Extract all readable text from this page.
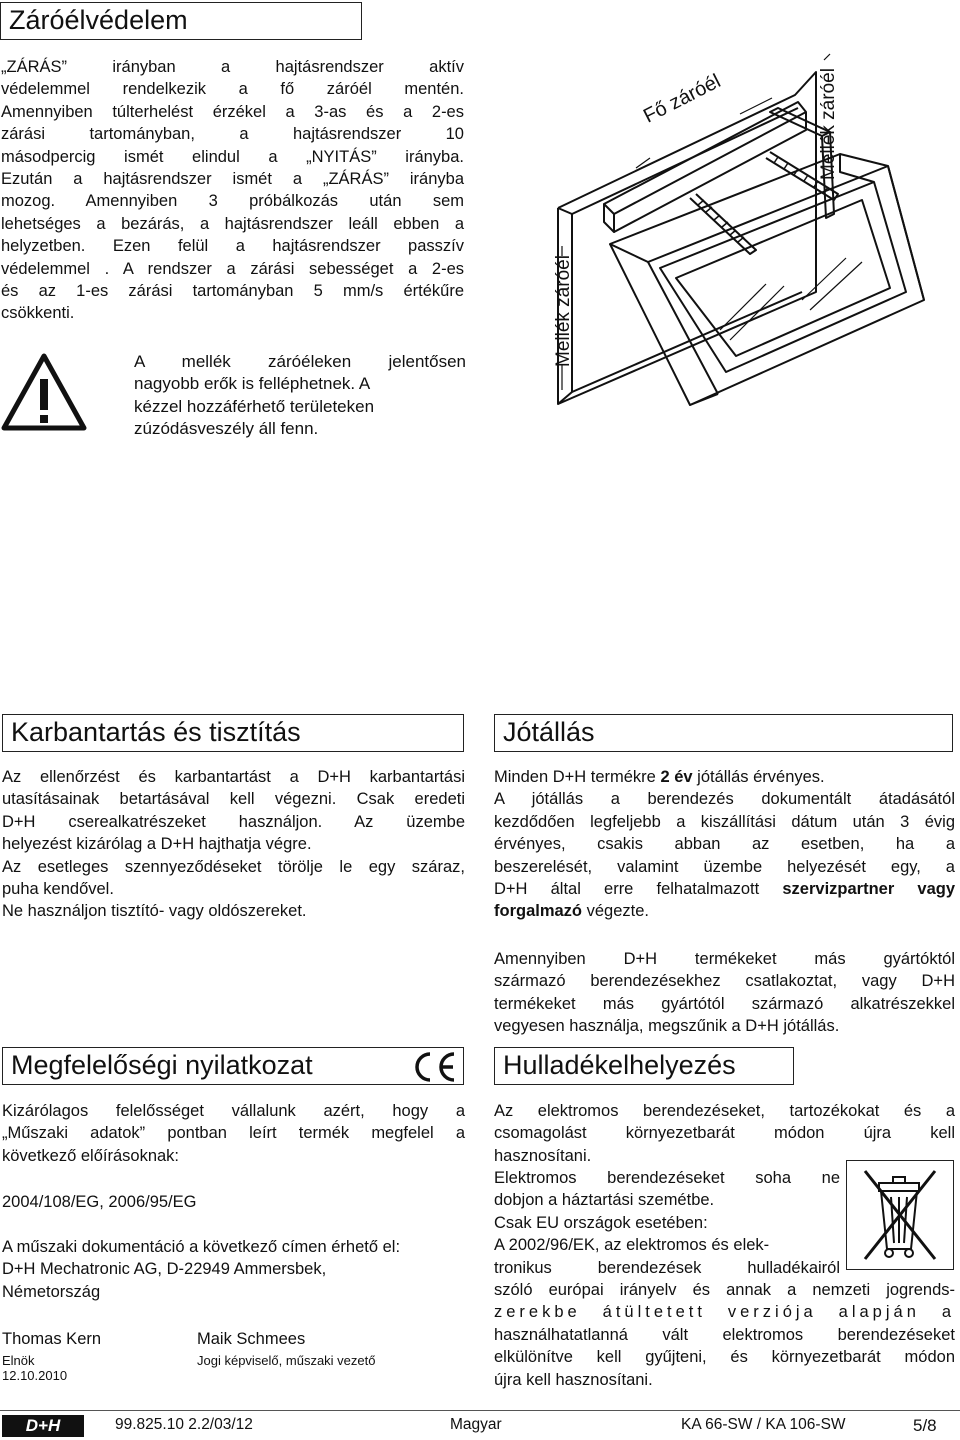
Záróélvédelem
„ZÁRÁS” irányban a hajtásrendszer aktív
védelemmel rendelkezik a fő záróél mentén.
Amennyiben túlterhelést érzékel a 3-as és a 2-es
zárási tartományban, a hajtásrendszer 10
másodpercig ismét elindul a „NYITÁS” irányba.
Ezután a hajtásrendszer ismét a „ZÁRÁS” irányba
mozog. Amennyiben 3 próbálkozás után sem
lehetséges a bezárás, a hajtásrendszer leáll ebben a
helyzetben. Ezen felül a hajtásrendszer passzív
védelemmel . A rendszer a zárási sebességet a 2-es
és az 1-es zárási tartományban 5 mm/s értékűre
csökkenti.
A mellék záróéleken jelentősen
nagyobb erők is felléphetnek. A
kézzel hozzáférhető területeken
zúzódásveszély áll fenn.
Fő záróél	Mellék záróél
Mellék záróél
Karbantartás és tisztítás
Az ellenőrzést és karbantartást a D+H karbantartási
utasításainak betartásával kell végezni. Csak eredeti
D+H cserealkatrészeket használjon. Az üzembe
helyezést kizárólag a D+H hajthatja végre.
Az esetleges szennyeződéseket törölje le egy száraz,
puha kendővel.
Ne használjon tisztító- vagy oldószereket.
Jótállás
Minden D+H termékre 2 év jótállás érvényes.
A jótállás a berendezés dokumentált átadásától
kezdődően legfeljebb a kiszállítási dátum után 3 évig
érvényes, csakis abban az esetben, ha a
beszerelését, valamint üzembe helyezését egy, a
D+H által erre felhatalmazott szervizpartner vagy
forgalmazó végezte.
Amennyiben D+H termékeket más gyártóktól
származó berendezésekhez csatlakoztat, vagy D+H
termékeket más gyártótól származó alkatrészekkel
vegyesen használja, megszűnik a D+H jótállás.
Megfelelőségi nyilatkozat
Kizárólagos felelősséget vállalunk azért, hogy a
„Műszaki adatok” pontban leírt termék megfelel a
következő előírásoknak:
2004/108/EG, 2006/95/EG
A műszaki dokumentáció a következő címen érhető el:
D+H Mechatronic AG, D-22949 Ammersbek,
Németország
Thomas Kern
Elnök
12.10.2010
Maik Schmees
Jogi képviselő, műszaki vezető
Hulladékelhelyezés
Az elektromos berendezéseket, tartozékokat és a
csomagolást környezetbarát módon újra kell
hasznosítani.
Elektromos berendezéseket soha ne
dobjon a háztartási szemétbe.
Csak EU országok esetében:
A 2002/96/EK, az elektromos és elek-
tronikus berendezések hulladékairól
szóló európai irányelv és annak a nemzeti jogrends-
zerekbe átültetett verziója alapján a
használhatatlanná vált elektromos berendezéseket
elkülönítve kell gyűjteni, és környezetbarát módon
újra kell hasznosítani.
D+H	99.825.10 2.2/03/12	Magyar	KA 66-SW / KA 106-SW	5/8
